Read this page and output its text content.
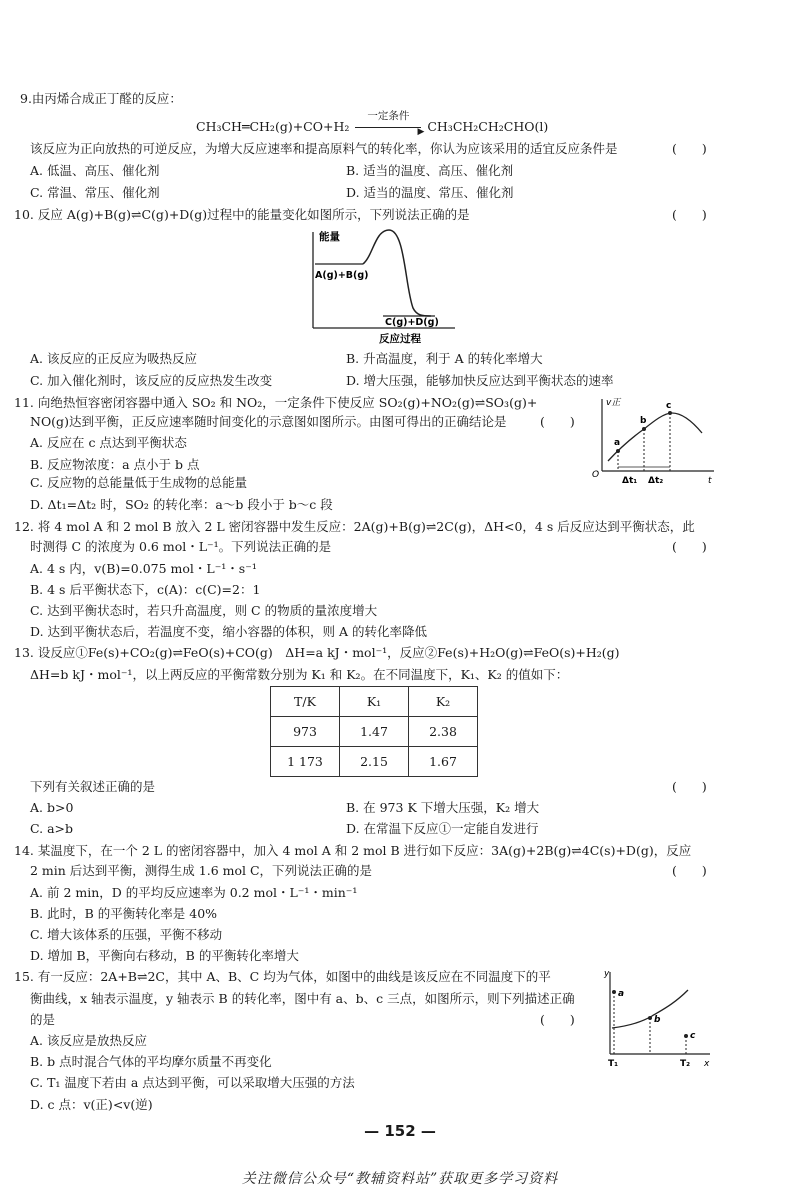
9.由丙烯合成正丁醛的反应：
CH₃CH═CH₂(g)+CO+H₂
一定条件
▶ CH₃CH₂CH₂CHO(l)
该反应为正向放热的可逆反应，为增大反应速率和提高原料气的转化率，你认为应该采用的适宜反应条件是	(　　)
A. 低温、高压、催化剂	B. 适当的温度、高压、催化剂
C. 常温、常压、催化剂	D. 适当的温度、常压、催化剂
10. 反应 A(g)+B(g)⇌C(g)+D(g)过程中的能量变化如图所示，下列说法正确的是	(　　)
能量
A(g)+B(g)
C(g)+D(g)
反应过程
A. 该反应的正反应为吸热反应	B. 升高温度，利于 A 的转化率增大
C. 加入催化剂时，该反应的反应热发生改变	D. 增大压强，能够加快反应达到平衡状态的速率
11. 向绝热恒容密闭容器中通入 SO₂ 和 NO₂，一定条件下使反应 SO₂(g)+NO₂(g)⇌SO₃(g)+
NO(g)达到平衡，正反应速率随时间变化的示意图如图所示。由图可得出的正确结论是	(　　)
A. 反应在 c 点达到平衡状态
B. 反应物浓度：a 点小于 b 点
C. 反应物的总能量低于生成物的总能量
D. Δt₁=Δt₂ 时，SO₂ 的转化率：a～b 段小于 b～c 段
v正
t
O
a
b
c
Δt₁ Δt₂
12. 将 4 mol A 和 2 mol B 放入 2 L 密闭容器中发生反应：2A(g)+B(g)⇌2C(g)，ΔH<0，4 s 后反应达到平衡状态，此
时测得 C 的浓度为 0.6 mol・L⁻¹。下列说法正确的是	(　　)
A. 4 s 内，v(B)=0.075 mol・L⁻¹・s⁻¹
B. 4 s 后平衡状态下，c(A)：c(C)=2：1
C. 达到平衡状态时，若只升高温度，则 C 的物质的量浓度增大
D. 达到平衡状态后，若温度不变，缩小容器的体积，则 A 的转化率降低
13. 设反应①Fe(s)+CO₂(g)⇌FeO(s)+CO(g)　ΔH=a kJ・mol⁻¹，反应②Fe(s)+H₂O(g)⇌FeO(s)+H₂(g)
ΔH=b kJ・mol⁻¹，以上两反应的平衡常数分别为 K₁ 和 K₂。在不同温度下，K₁、K₂ 的值如下：
T/K	K₁	K₂
973	1.47	2.38
1 173	2.15	1.67
下列有关叙述正确的是	(　　)
A. b>0	B. 在 973 K 下增大压强，K₂ 增大
C. a>b	D. 在常温下反应①一定能自发进行
14. 某温度下，在一个 2 L 的密闭容器中，加入 4 mol A 和 2 mol B 进行如下反应：3A(g)+2B(g)⇌4C(s)+D(g)，反应
2 min 后达到平衡，测得生成 1.6 mol C，下列说法正确的是	(　　)
A. 前 2 min，D 的平均反应速率为 0.2 mol・L⁻¹・min⁻¹
B. 此时，B 的平衡转化率是 40%
C. 增大该体系的压强，平衡不移动
D. 增加 B，平衡向右移动，B 的平衡转化率增大
15. 有一反应：2A+B⇌2C，其中 A、B、C 均为气体，如图中的曲线是该反应在不同温度下的平
衡曲线，x 轴表示温度，y 轴表示 B 的转化率，图中有 a、b、c 三点，如图所示，则下列描述正确
的是	(　　)
A. 该反应是放热反应
B. b 点时混合气体的平均摩尔质量不再变化
C. T₁ 温度下若由 a 点达到平衡，可以采取增大压强的方法
D. c 点：v(正)<v(逆)
y
x
a
b
c
T₁	T₂
— 152 —
关注微信公众号“教辅资料站”获取更多学习资料
